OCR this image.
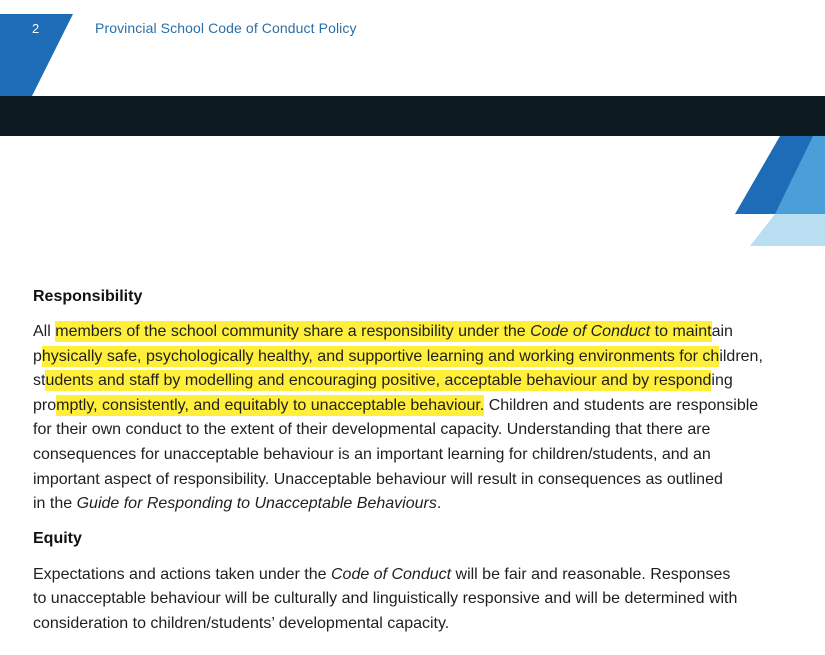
2	Provincial School Code of Conduct Policy
Responsibility

All members of the school community share a responsibility under the Code of Conduct to maintain

physically safe, psychologically healthy, and supportive learning and working environments for children,

students and staff by modelling and encouraging positive, acceptable behaviour and by responding

promptly, consistently, and equitably to unacceptable behaviour. Children and students are responsible

for their own conduct to the extent of their developmental capacity. Understanding that there are

consequences for unacceptable behaviour is an important learning for children/students, and an

important aspect of responsibility. Unacceptable behaviour will result in consequences as outlined

in the Guide for Responding to Unacceptable Behaviours.

Equity

Expectations and actions taken under the Code of Conduct will be fair and reasonable. Responses

to unacceptable behaviour will be culturally and linguistically responsive and will be determined with

consideration to children/students’ developmental capacity.
